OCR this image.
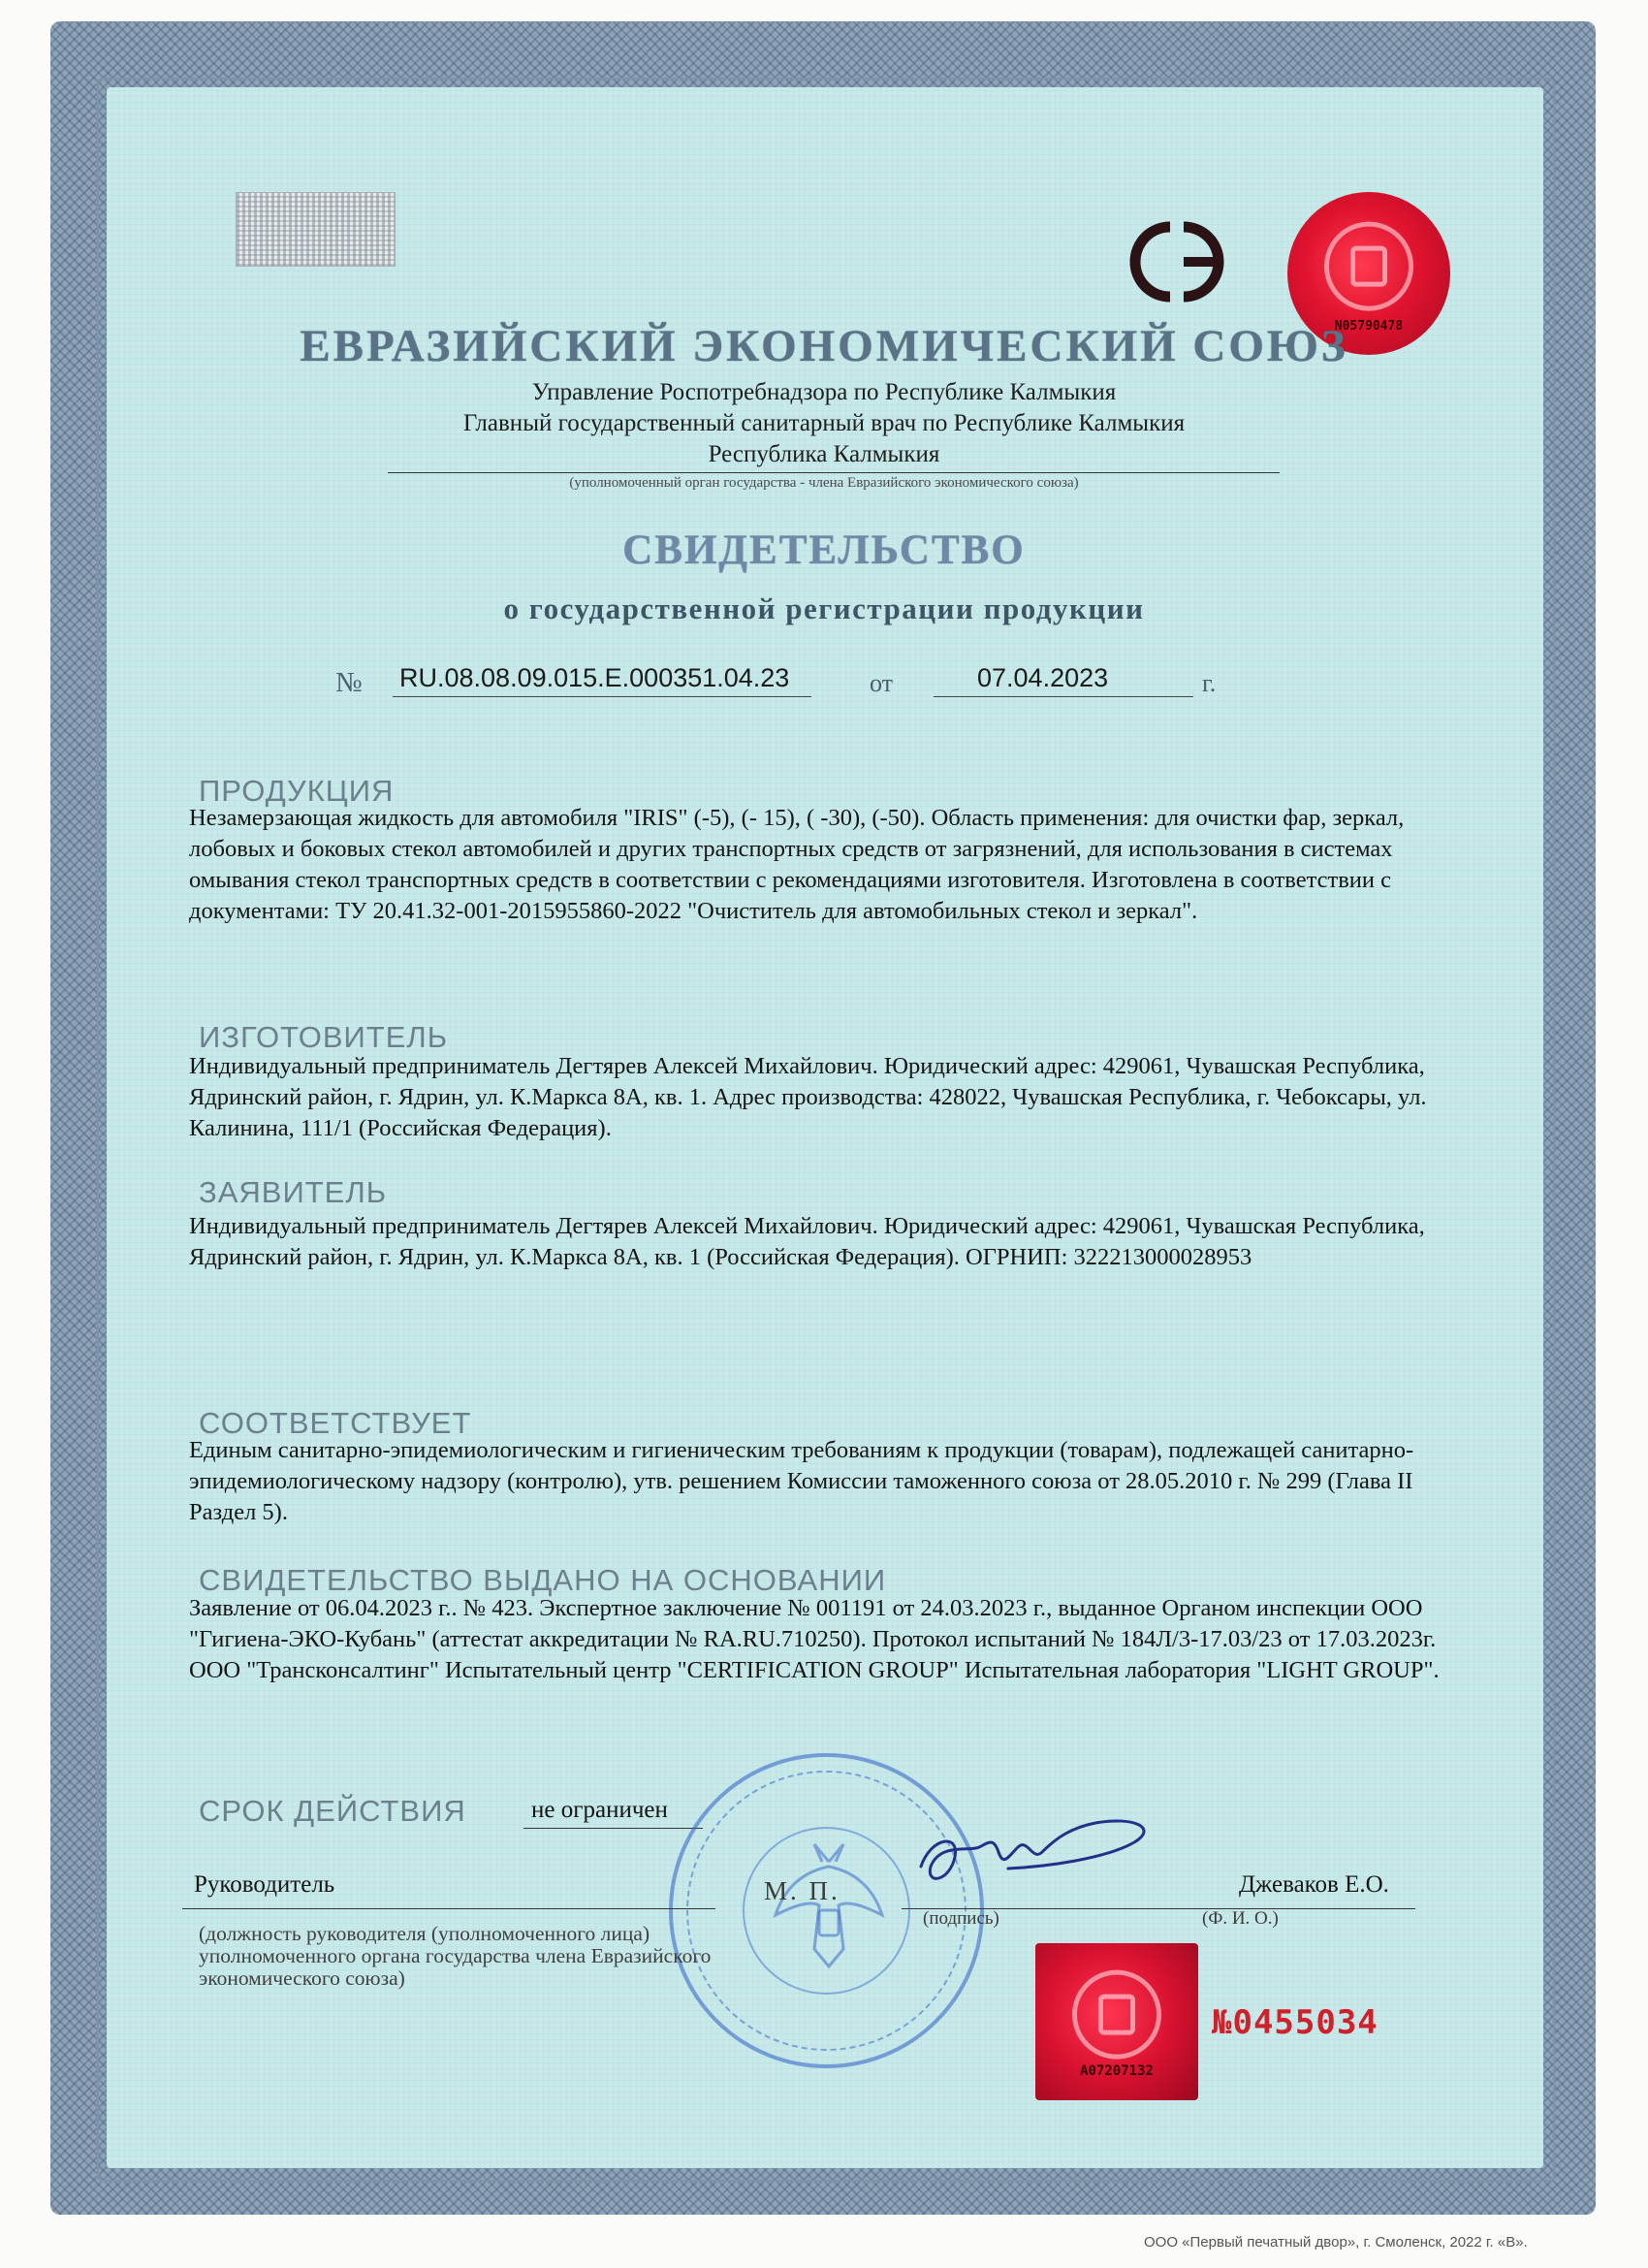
N05790478
ЕВРАЗИЙСКИЙ ЭКОНОМИЧЕСКИЙ СОЮЗ
Управление Роспотребнадзора по Республике Калмыкия
Главный государственный санитарный врач по Республике Калмыкия
Республика Калмыкия
(уполномоченный орган государства - члена Евразийского экономического союза)
СВИДЕТЕЛЬСТВО
о государственной регистрации продукции
№ RU.08.08.09.015.E.000351.04.23	от	07.04.2023	г.
ПРОДУКЦИЯ
Незамерзающая жидкость для автомобиля "IRIS" (-5), (- 15), ( -30), (-50). Область применения: для очистки фар, зеркал, лобовых и боковых стекол автомобилей и других транспортных средств от загрязнений, для использования в системах омывания стекол транспортных средств в соответствии с рекомендациями изготовителя. Изготовлена в соответствии с документами: ТУ 20.41.32-001-2015955860-2022 "Очиститель для автомобильных стекол и зеркал".
ИЗГОТОВИТЕЛЬ
Индивидуальный предприниматель Дегтярев Алексей Михайлович. Юридический адрес: 429061, Чувашская Республика, Ядринский район, г. Ядрин, ул. К.Маркса 8А, кв. 1. Адрес производства: 428022, Чувашская Республика, г. Чебоксары, ул. Калинина, 111/1 (Российская Федерация).
ЗАЯВИТЕЛЬ
Индивидуальный предприниматель Дегтярев Алексей Михайлович. Юридический адрес: 429061, Чувашская Республика, Ядринский район, г. Ядрин, ул. К.Маркса 8А, кв. 1 (Российская Федерация). ОГРНИП: 322213000028953
СООТВЕТСТВУЕТ
Единым санитарно-эпидемиологическим и гигиеническим требованиям к продукции (товарам), подлежащей санитарно-эпидемиологическому надзору (контролю), утв. решением Комиссии таможенного союза от 28.05.2010 г. № 299 (Глава II Раздел 5).
СВИДЕТЕЛЬСТВО ВЫДАНО НА ОСНОВАНИИ
Заявление от 06.04.2023 г.. № 423. Экспертное заключение № 001191 от 24.03.2023 г., выданное Органом инспекции ООО "Гигиена-ЭКО-Кубань" (аттестат аккредитации № RA.RU.710250). Протокол испытаний № 184Л/3-17.03/23 от 17.03.2023г. ООО "Трансконсалтинг" Испытательный центр "CERTIFICATION GROUP" Испытательная лаборатория "LIGHT GROUP".
СРОК ДЕЙСТВИЯ	не ограничен
Руководитель	М. П.	Джеваков Е.О.
(подпись)	(Ф. И. О.)
(должность руководителя (уполномоченного лица) уполномоченного органа государства члена Евразийского экономического союза)
A07207132
№0455034
ООО «Первый печатный двор», г. Смоленск, 2022 г. «В».
